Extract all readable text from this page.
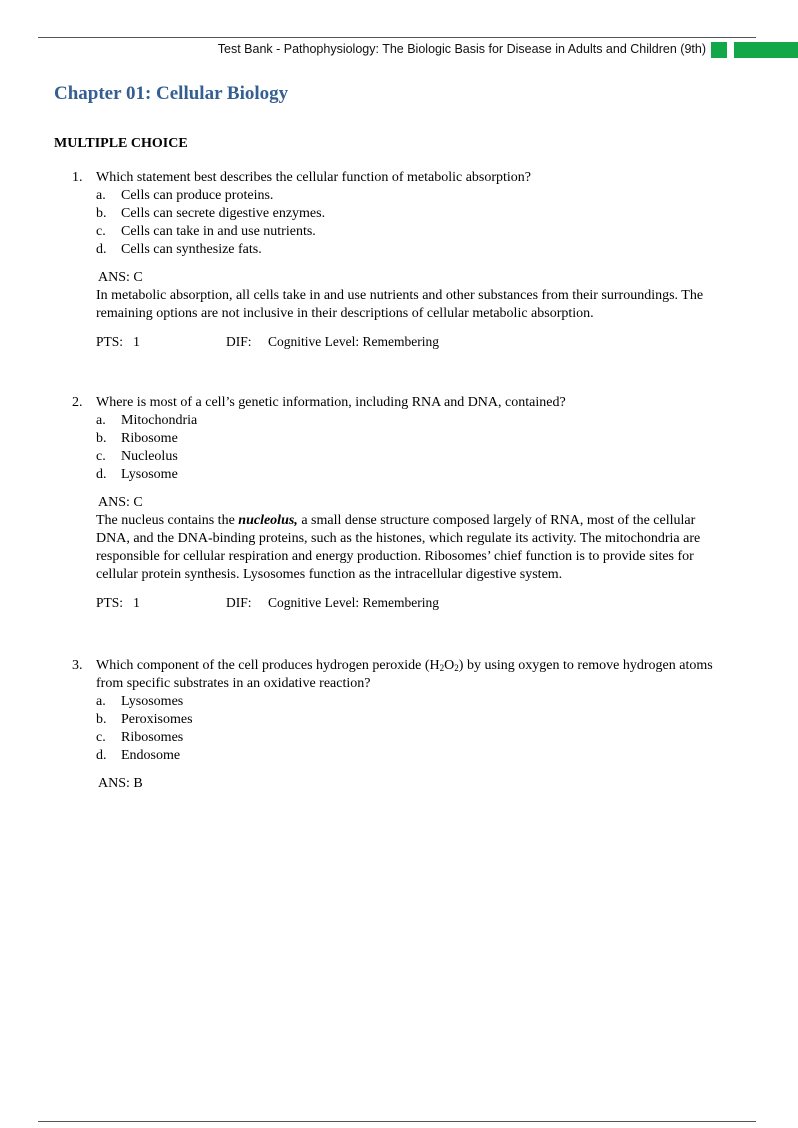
Test Bank - Pathophysiology: The Biologic Basis for Disease in Adults and Children (9th)
Chapter 01: Cellular Biology
MULTIPLE CHOICE
1. Which statement best describes the cellular function of metabolic absorption?
a.	Cells can produce proteins.
b.	Cells can secrete digestive enzymes.
c.	Cells can take in and use nutrients.
d.	Cells can synthesize fats.
ANS: C
In metabolic absorption, all cells take in and use nutrients and other substances from their surroundings. The remaining options are not inclusive in their descriptions of cellular metabolic absorption.
PTS: 1	DIF:	Cognitive Level: Remembering
2. Where is most of a cell’s genetic information, including RNA and DNA, contained?
a.	Mitochondria
b.	Ribosome
c.	Nucleolus
d.	Lysosome
ANS: C
The nucleus contains the nucleolus, a small dense structure composed largely of RNA, most of the cellular DNA, and the DNA-binding proteins, such as the histones, which regulate its activity. The mitochondria are responsible for cellular respiration and energy production. Ribosomes’ chief function is to provide sites for cellular protein synthesis. Lysosomes function as the intracellular digestive system.
PTS: 1	DIF:	Cognitive Level: Remembering
3. Which component of the cell produces hydrogen peroxide $(H_2O_2)$ by using oxygen to remove hydrogen atoms from specific substrates in an oxidative reaction?
a.	Lysosomes
b.	Peroxisomes
c.	Ribosomes
d.	Endosome
ANS: B
